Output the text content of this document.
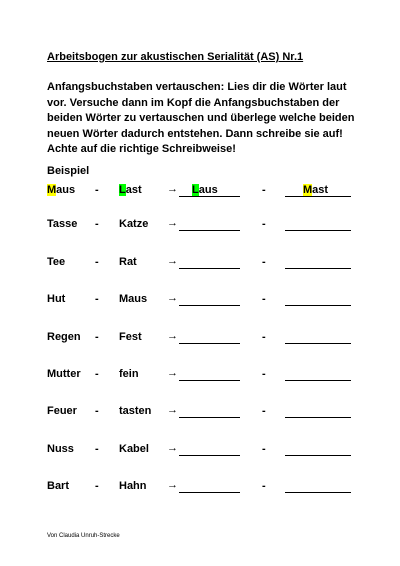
Arbeitsbogen zur akustischen Serialität (AS) Nr.1
Anfangsbuchstaben vertauschen: Lies dir die Wörter laut
vor. Versuche dann im Kopf die Anfangsbuchstaben der
beiden Wörter zu vertauschen und überlege welche beiden
neuen Wörter dadurch entstehen. Dann schreibe sie auf!
Achte auf die richtige Schreibweise!
Beispiel
Maus - Last → Laus	-	Mast
Tasse - Katze →	-
Tee	- Rat	→	-
Hut	- Maus →	-
Regen - Fest →	-
Mutter - fein	→	-
Feuer - tasten →	-
Nuss - Kabel →	-
Bart - Hahn →	-
Von Claudia Unruh-Strecke
